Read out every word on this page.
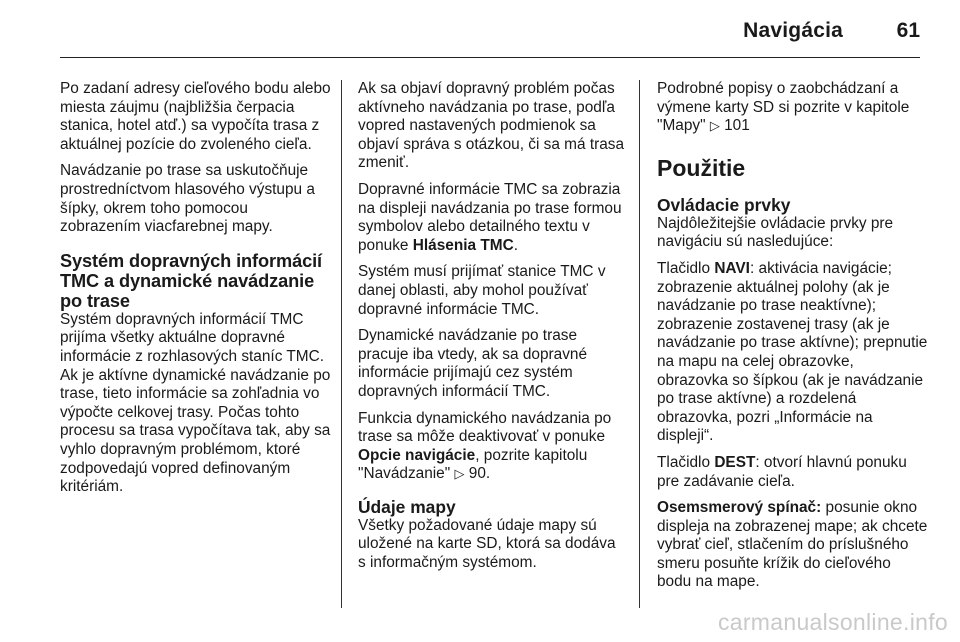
Navigácia	61

Po zadaní adresy cieľového bodu alebo miesta záujmu (najbližšia čerpacia stanica, hotel atď.) sa vypočíta trasa z aktuálnej pozície do zvoleného cieľa.

Navádzanie po trase sa uskutočňuje prostredníctvom hlasového výstupu a šípky, okrem toho pomocou zobrazením viacfarebnej mapy.

Systém dopravných informácií TMC a dynamické navádzanie po trase

Systém dopravných informácií TMC prijíma všetky aktuálne dopravné informácie z rozhlasových staníc TMC. Ak je aktívne dynamické navádzanie po trase, tieto informácie sa zohľadnia vo výpočte celkovej trasy. Počas tohto procesu sa trasa vypočítava tak, aby sa vyhlo dopravným problémom, ktoré zodpovedajú vopred definovaným kritériám.

Ak sa objaví dopravný problém počas aktívneho navádzania po trase, podľa vopred nastavených podmienok sa objaví správa s otázkou, či sa má trasa zmeniť.

Dopravné informácie TMC sa zobrazia na displeji navádzania po trase formou symbolov alebo detailného textu v ponuke Hlásenia TMC.

Systém musí prijímať stanice TMC v danej oblasti, aby mohol používať dopravné informácie TMC.

Dynamické navádzanie po trase pracuje iba vtedy, ak sa dopravné informácie prijímajú cez systém dopravných informácií TMC.

Funkcia dynamického navádzania po trase sa môže deaktivovať v ponuke Opcie navigácie, pozrite kapitolu "Navádzanie" ▷ 90.

Údaje mapy

Všetky požadované údaje mapy sú uložené na karte SD, ktorá sa dodáva s informačným systémom.

Podrobné popisy o zaobchádzaní a výmene karty SD si pozrite v kapitole "Mapy" ▷ 101

Použitie
Ovládacie prvky

Najdôležitejšie ovládacie prvky pre navigáciu sú nasledujúce:

Tlačidlo NAVI: aktivácia navigácie; zobrazenie aktuálnej polohy (ak je navádzanie po trase neaktívne); zobrazenie zostavenej trasy (ak je navádzanie po trase aktívne); prepnutie na mapu na celej obrazovke, obrazovka so šípkou (ak je navádzanie po trase aktívne) a rozdelená obrazovka, pozri „Informácie na displeji“.

Tlačidlo DEST: otvorí hlavnú ponuku pre zadávanie cieľa.

Osemsmerový spínač: posunie okno displeja na zobrazenej mape; ak chcete vybrať cieľ, stlačením do príslušného smeru posuňte krížik do cieľového bodu na mape.

carmanualsonline.info
